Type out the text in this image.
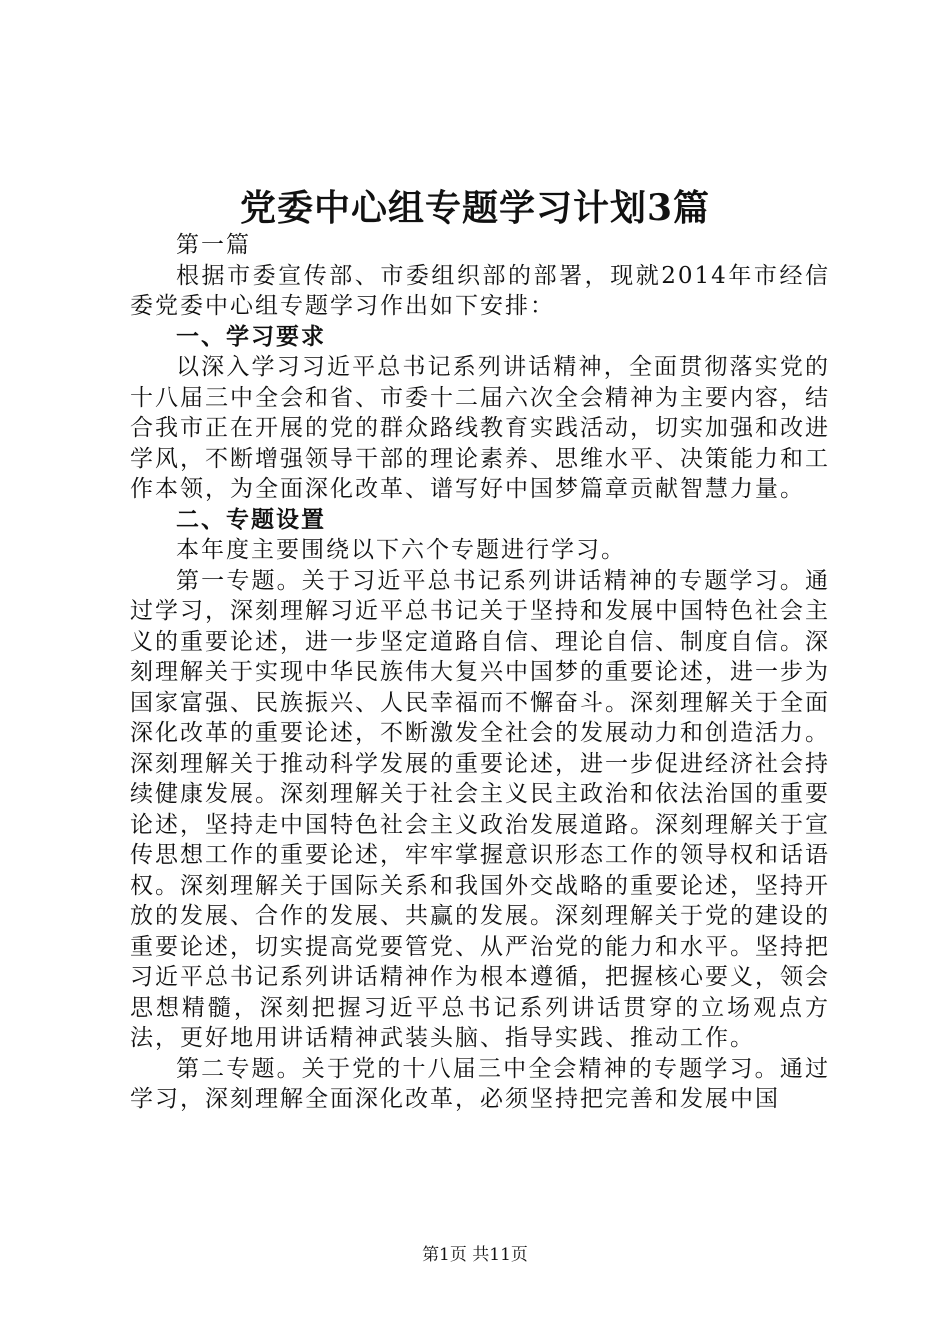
党委中心组专题学习计划3篇

第一篇

根据市委宣传部、市委组织部的部署，现就2014年市经信委党委中心组专题学习作出如下安排：

一、学习要求

以深入学习习近平总书记系列讲话精神，全面贯彻落实党的十八届三中全会和省、市委十二届六次全会精神为主要内容，结合我市正在开展的党的群众路线教育实践活动，切实加强和改进学风，不断增强领导干部的理论素养、思维水平、决策能力和工作本领，为全面深化改革、谱写好中国梦篇章贡献智慧力量。

二、专题设置

本年度主要围绕以下六个专题进行学习。

第一专题。关于习近平总书记系列讲话精神的专题学习。通过学习，深刻理解习近平总书记关于坚持和发展中国特色社会主义的重要论述，进一步坚定道路自信、理论自信、制度自信。深刻理解关于实现中华民族伟大复兴中国梦的重要论述，进一步为国家富强、民族振兴、人民幸福而不懈奋斗。深刻理解关于全面深化改革的重要论述，不断激发全社会的发展动力和创造活力。深刻理解关于推动科学发展的重要论述，进一步促进经济社会持续健康发展。深刻理解关于社会主义民主政治和依法治国的重要论述，坚持走中国特色社会主义政治发展道路。深刻理解关于宣传思想工作的重要论述，牢牢掌握意识形态工作的领导权和话语权。深刻理解关于国际关系和我国外交战略的重要论述，坚持开放的发展、合作的发展、共赢的发展。深刻理解关于党的建设的重要论述，切实提高党要管党、从严治党的能力和水平。坚持把习近平总书记系列讲话精神作为根本遵循，把握核心要义，领会思想精髓，深刻把握习近平总书记系列讲话贯穿的立场观点方法，更好地用讲话精神武装头脑、指导实践、推动工作。

第二专题。关于党的十八届三中全会精神的专题学习。通过学习，深刻理解全面深化改革，必须坚持把完善和发展中国

第1页 共11页
